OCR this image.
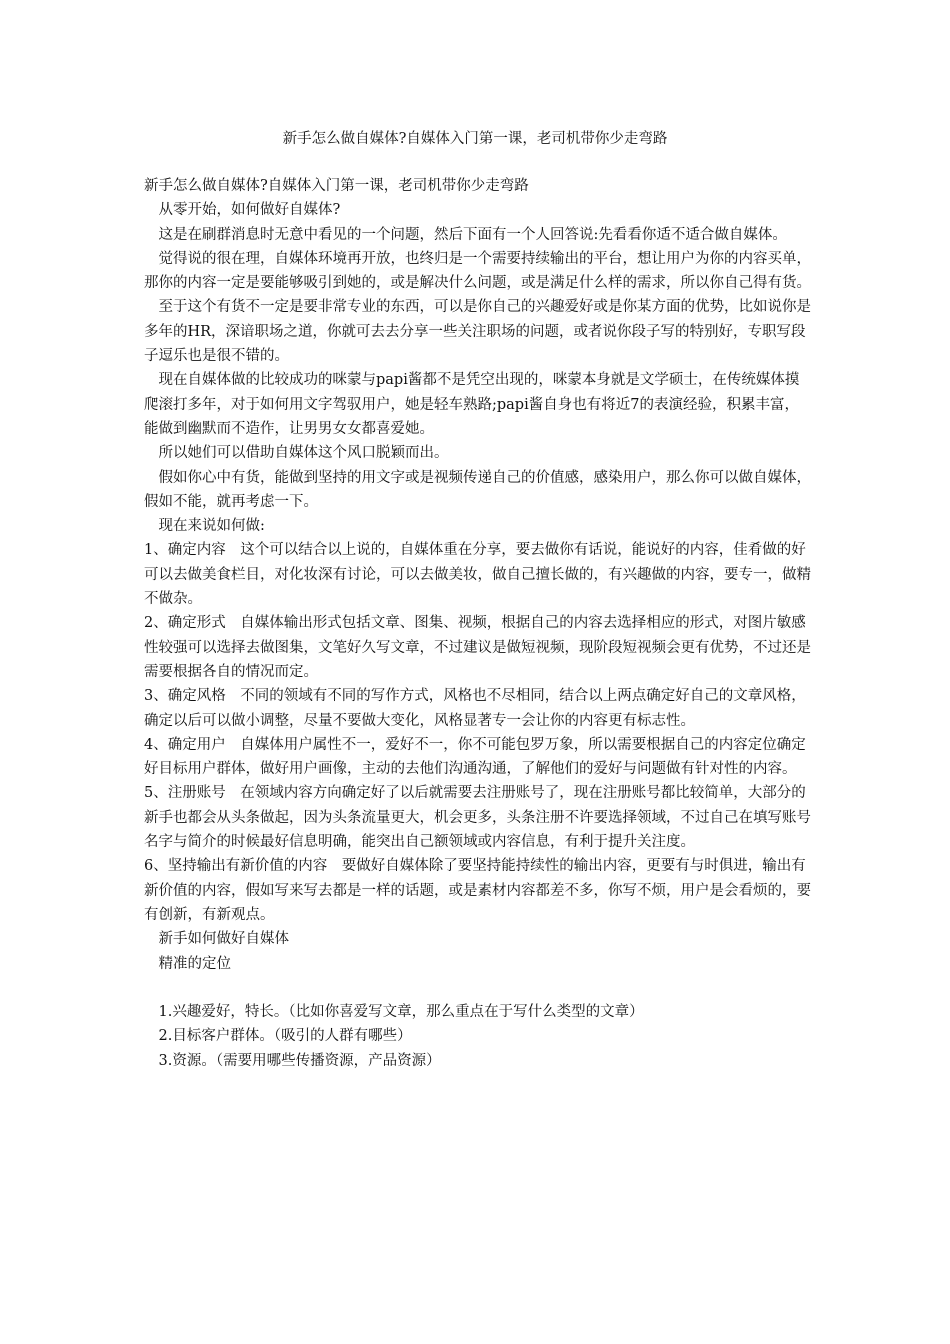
新手怎么做自媒体?自媒体入门第一课，老司机带你少走弯路

新手怎么做自媒体?自媒体入门第一课，老司机带你少走弯路

从零开始，如何做好自媒体?

这是在刷群消息时无意中看见的一个问题，然后下面有一个人回答说:先看看你适不适合做自媒体。

觉得说的很在理，自媒体环境再开放，也终归是一个需要持续输出的平台，想让用户为你的内容买单，那你的内容一定是要能够吸引到她的，或是解决什么问题，或是满足什么样的需求，所以你自己得有货。

至于这个有货不一定是要非常专业的东西，可以是你自己的兴趣爱好或是你某方面的优势，比如说你是多年的HR，深谙职场之道，你就可去去分享一些关注职场的问题，或者说你段子写的特别好，专职写段子逗乐也是很不错的。

现在自媒体做的比较成功的咪蒙与papi酱都不是凭空出现的，咪蒙本身就是文学硕士，在传统媒体摸爬滚打多年，对于如何用文字驾驭用户，她是轻车熟路;papi酱自身也有将近7的表演经验，积累丰富，能做到幽默而不造作，让男男女女都喜爱她。

所以她们可以借助自媒体这个风口脱颖而出。

假如你心中有货，能做到坚持的用文字或是视频传递自己的价值感，感染用户，那么你可以做自媒体，假如不能，就再考虑一下。

现在来说如何做:

1、确定内容　这个可以结合以上说的，自媒体重在分享，要去做你有话说，能说好的内容，佳肴做的好可以去做美食栏目，对化妆深有讨论，可以去做美妆，做自己擅长做的，有兴趣做的内容，要专一，做精不做杂。

2、确定形式　自媒体输出形式包括文章、图集、视频，根据自己的内容去选择相应的形式，对图片敏感性较强可以选择去做图集，文笔好久写文章，不过建议是做短视频，现阶段短视频会更有优势，不过还是需要根据各自的情况而定。

3、确定风格　不同的领域有不同的写作方式，风格也不尽相同，结合以上两点确定好自己的文章风格，确定以后可以做小调整，尽量不要做大变化，风格显著专一会让你的内容更有标志性。

4、确定用户　自媒体用户属性不一，爱好不一，你不可能包罗万象，所以需要根据自己的内容定位确定好目标用户群体，做好用户画像，主动的去他们沟通沟通，了解他们的爱好与问题做有针对性的内容。

5、注册账号　在领域内容方向确定好了以后就需要去注册账号了，现在注册账号都比较简单，大部分的新手也都会从头条做起，因为头条流量更大，机会更多，头条注册不许要选择领域，不过自己在填写账号名字与简介的时候最好信息明确，能突出自己额领域或内容信息，有利于提升关注度。

6、坚持输出有新价值的内容　要做好自媒体除了要坚持能持续性的输出内容，更要有与时俱进，输出有新价值的内容，假如写来写去都是一样的话题，或是素材内容都差不多，你写不烦，用户是会看烦的，要有创新，有新观点。

新手如何做好自媒体

精准的定位

1.兴趣爱好，特长。（比如你喜爱写文章，那么重点在于写什么类型的文章）

2.目标客户群体。（吸引的人群有哪些）

3.资源。（需要用哪些传播资源，产品资源）
